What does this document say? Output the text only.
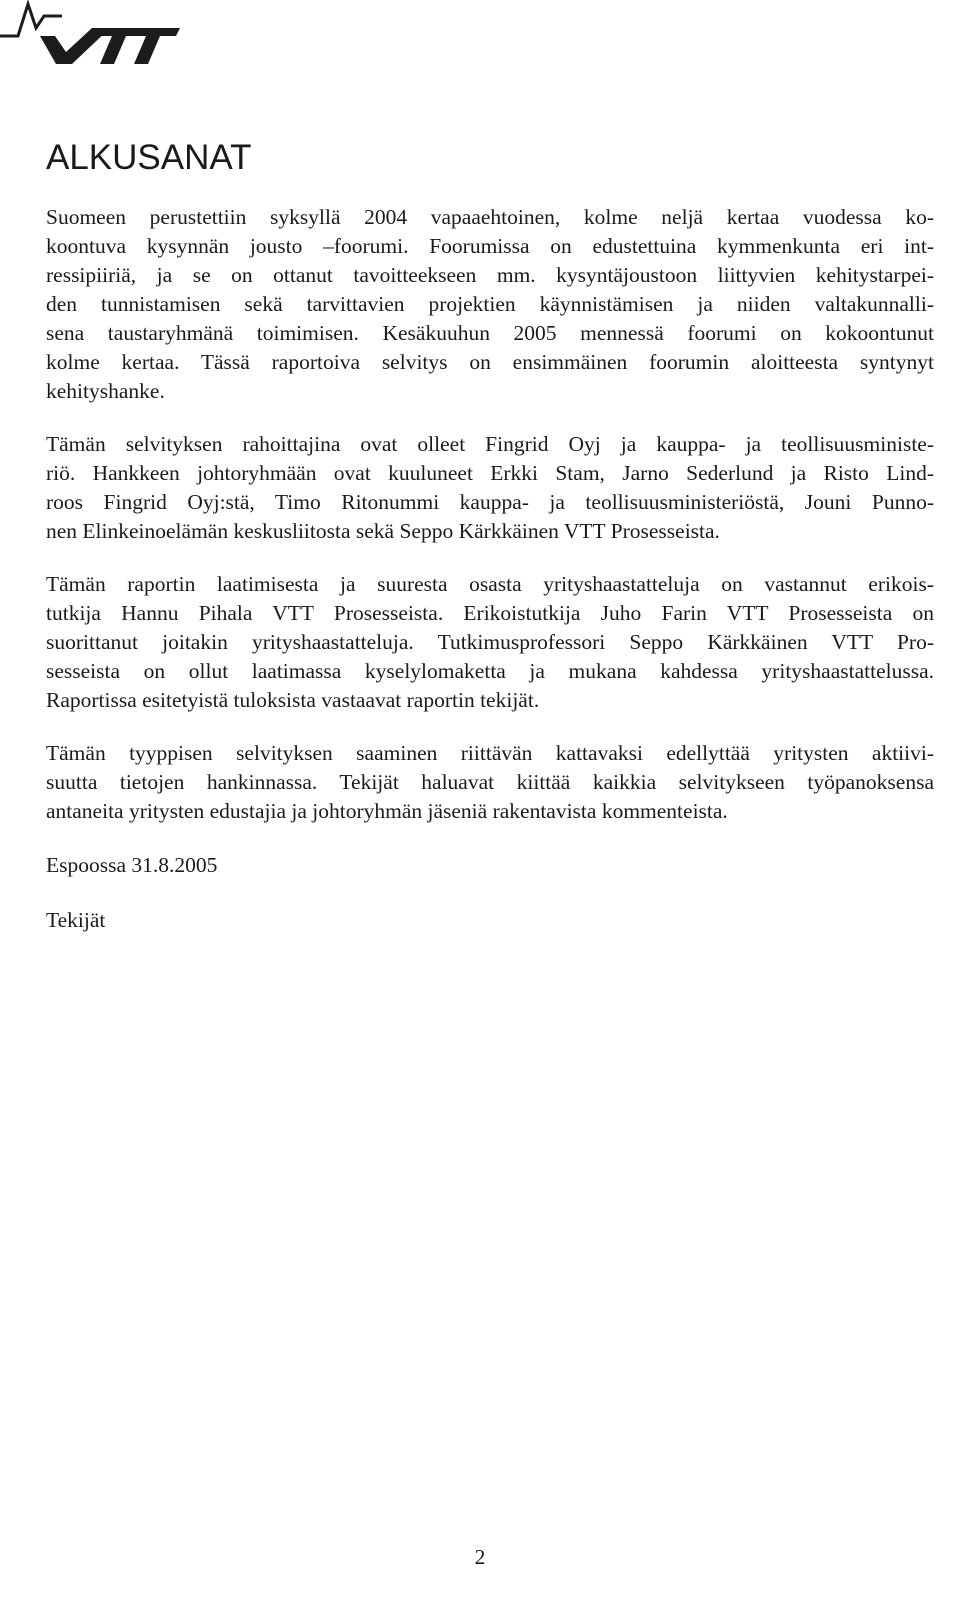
ALKUSANAT

Suomeen perustettiin syksyllä 2004 vapaaehtoinen, kolme neljä kertaa vuodessa ko-

koontuva kysynnän jousto –foorumi. Foorumissa on edustettuina kymmenkunta eri int-

ressipiiriä, ja se on ottanut tavoitteekseen mm. kysyntäjoustoon liittyvien kehitystarpei-

den tunnistamisen sekä tarvittavien projektien käynnistämisen ja niiden valtakunnalli-

sena taustaryhmänä toimimisen. Kesäkuuhun 2005 mennessä foorumi on kokoontunut

kolme kertaa. Tässä raportoiva selvitys on ensimmäinen foorumin aloitteesta syntynyt

kehityshanke.

Tämän selvityksen rahoittajina ovat olleet Fingrid Oyj ja kauppa- ja teollisuusministe-

riö. Hankkeen johtoryhmään ovat kuuluneet Erkki Stam, Jarno Sederlund ja Risto Lind-

roos Fingrid Oyj:stä, Timo Ritonummi kauppa- ja teollisuusministeriöstä, Jouni Punno-

nen Elinkeinoelämän keskusliitosta sekä Seppo Kärkkäinen VTT Prosesseista.

Tämän raportin laatimisesta ja suuresta osasta yrityshaastatteluja on vastannut erikois-

tutkija Hannu Pihala VTT Prosesseista. Erikoistutkija Juho Farin VTT Prosesseista on

suorittanut joitakin yrityshaastatteluja. Tutkimusprofessori Seppo Kärkkäinen VTT Pro-

sesseista on ollut laatimassa kyselylomaketta ja mukana kahdessa yrityshaastattelussa.

Raportissa esitetyistä tuloksista vastaavat raportin tekijät.

Tämän tyyppisen selvityksen saaminen riittävän kattavaksi edellyttää yritysten aktiivi-

suutta tietojen hankinnassa. Tekijät haluavat kiittää kaikkia selvitykseen työpanoksensa

antaneita yritysten edustajia ja johtoryhmän jäseniä rakentavista kommenteista.

Espoossa 31.8.2005

Tekijät

2
